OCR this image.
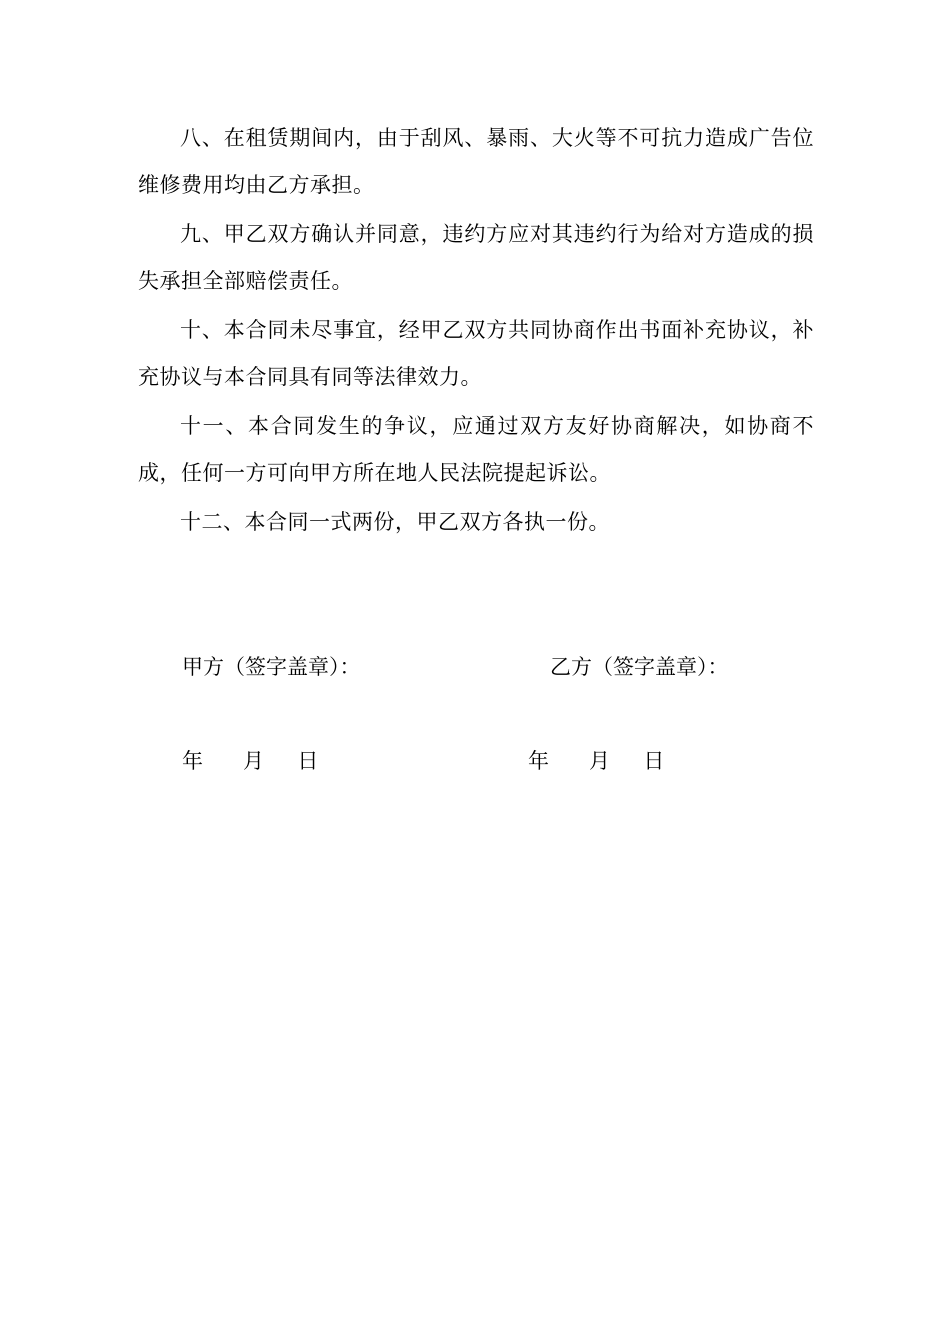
八、在租赁期间内，由于刮风、暴雨、大火等不可抗力造成广告位维修费用均由乙方承担。

九、甲乙双方确认并同意，违约方应对其违约行为给对方造成的损失承担全部赔偿责任。

十、本合同未尽事宜，经甲乙双方共同协商作出书面补充协议，补充协议与本合同具有同等法律效力。

十一、本合同发生的争议，应通过双方友好协商解决，如协商不成，任何一方可向甲方所在地人民法院提起诉讼。

十二、本合同一式两份，甲乙双方各执一份。

甲方（签字盖章）：	乙方（签字盖章）：
年      月     日	年      月     日
